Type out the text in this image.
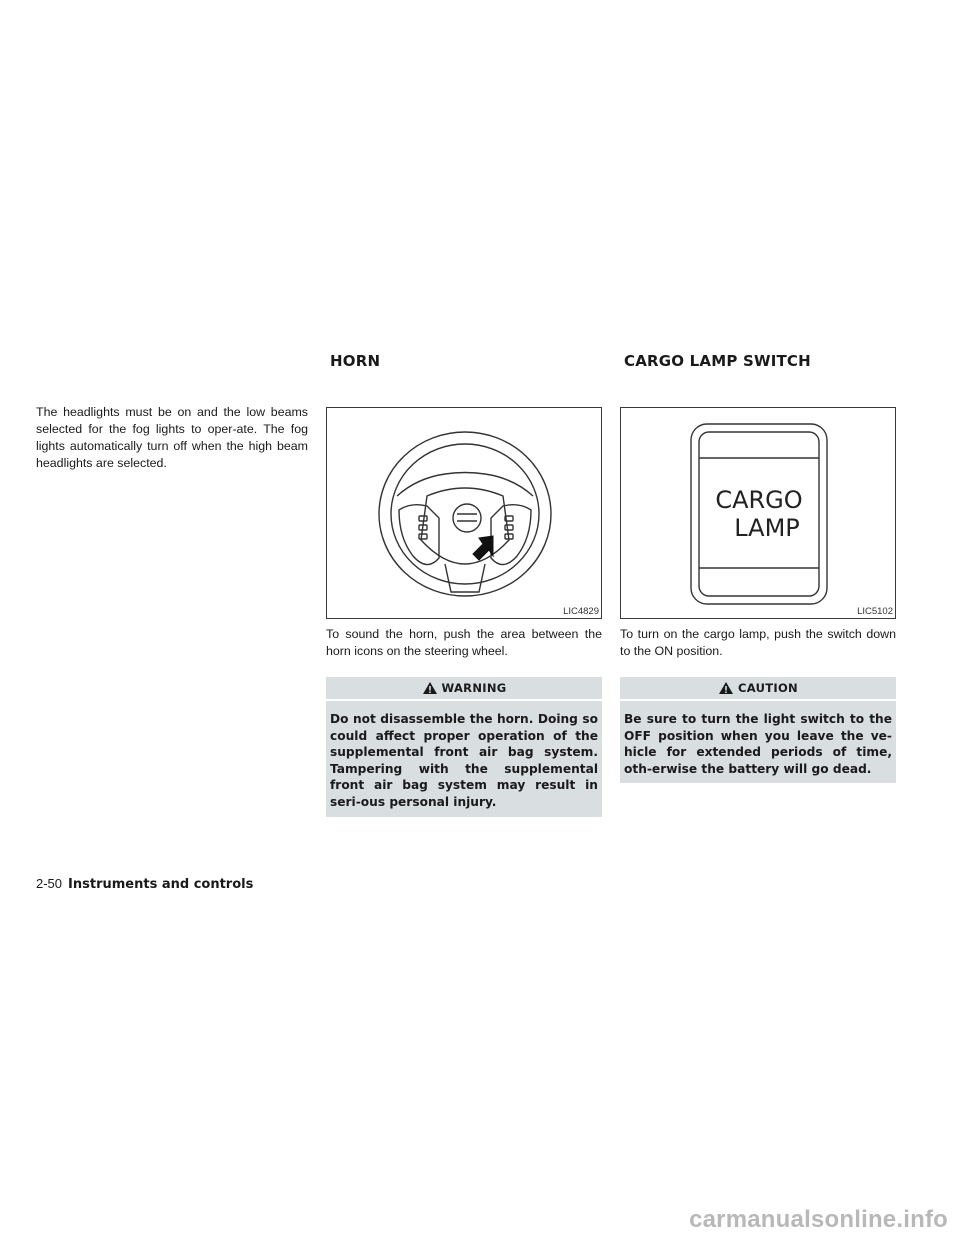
The headlights must be on and the low beams selected for the fog lights to oper-ate. The fog lights automatically turn off when the high beam headlights are selected.

HORN
LIC4829

To sound the horn, push the area between the horn icons on the steering wheel.

WARNING

Do not disassemble the horn. Doing so could affect proper operation of the supplemental front air bag system. Tampering with the supplemental front air bag system may result in seri-ous personal injury.

CARGO LAMP SWITCH
CARGO
LAMP
LIC5102

To turn on the cargo lamp, push the switch down to the ON position.

CAUTION

Be sure to turn the light switch to the OFF position when you leave the ve-hicle for extended periods of time, oth-erwise the battery will go dead.

2-50 Instruments and controls
carmanualsonline.info
